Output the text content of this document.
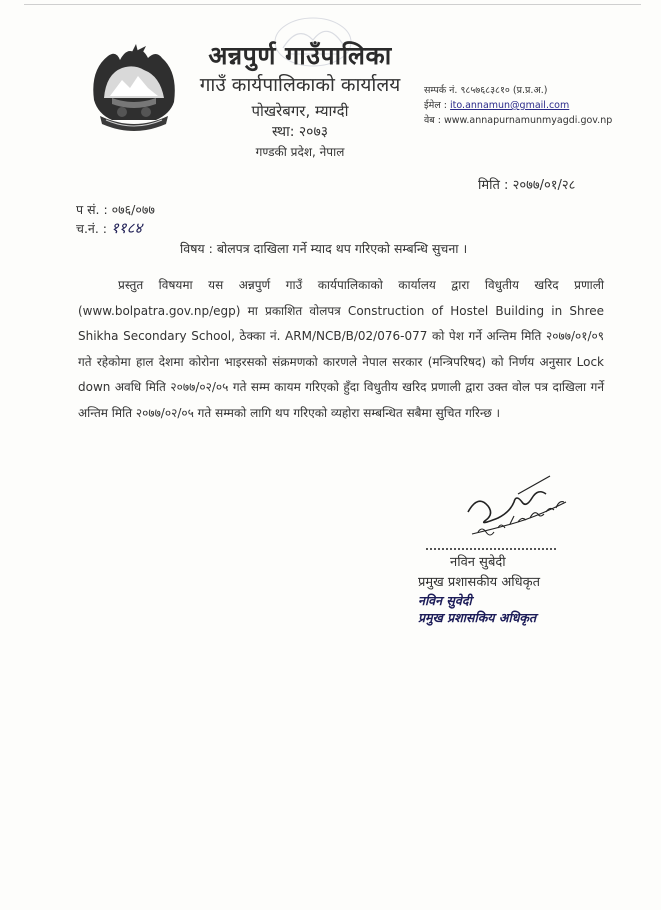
अन्नपुर्ण गाउँपालिका
गाउँ कार्यपालिकाको कार्यालय
पोखरेबगर, म्याग्दी
स्था: २०७३
गण्डकी प्रदेश, नेपाल
सम्पर्क नं. ९८५७६८३८१० (प्र.प्र.अ.)
ईमेल : ito.annamun@gmail.com
वेब : www.annapurnamunmyagdi.gov.np
मिति : २०७७/०१/२८
प सं. : ०७६/०७७
च.नं. : ११८४
विषय : बोलपत्र दाखिला गर्ने म्याद थप गरिएको सम्बन्धि सुचना ।
प्रस्तुत विषयमा यस अन्नपुर्ण गाउँ कार्यपालिकाको कार्यालय द्वारा विधुतीय खरिद प्रणाली (www.bolpatra.gov.np/egp) मा प्रकाशित वोलपत्र Construction of Hostel Building in Shree Shikha Secondary School, ठेक्का नं. ARM/NCB/B/02/076-077 को पेश गर्ने अन्तिम मिति २०७७/०१/०९ गते रहेकोमा हाल देशमा कोरोना भाइरसको संक्रमणको कारणले नेपाल सरकार (मन्त्रिपरिषद) को निर्णय अनुसार Lock down अवधि मिति २०७७/०२/०५ गते सम्म कायम गरिएको हुँदा विधुतीय खरिद प्रणाली द्वारा उक्त वोल पत्र दाखिला गर्ने अन्तिम मिति २०७७/०२/०५ गते सम्मको लागि थप गरिएको व्यहोरा सम्बन्धित सबैमा सुचित गरिन्छ ।
नविन सुबेदी
प्रमुख प्रशासकीय अधिकृत
नविन सुवेदी
प्रमुख प्रशासकिय अधिकृत
